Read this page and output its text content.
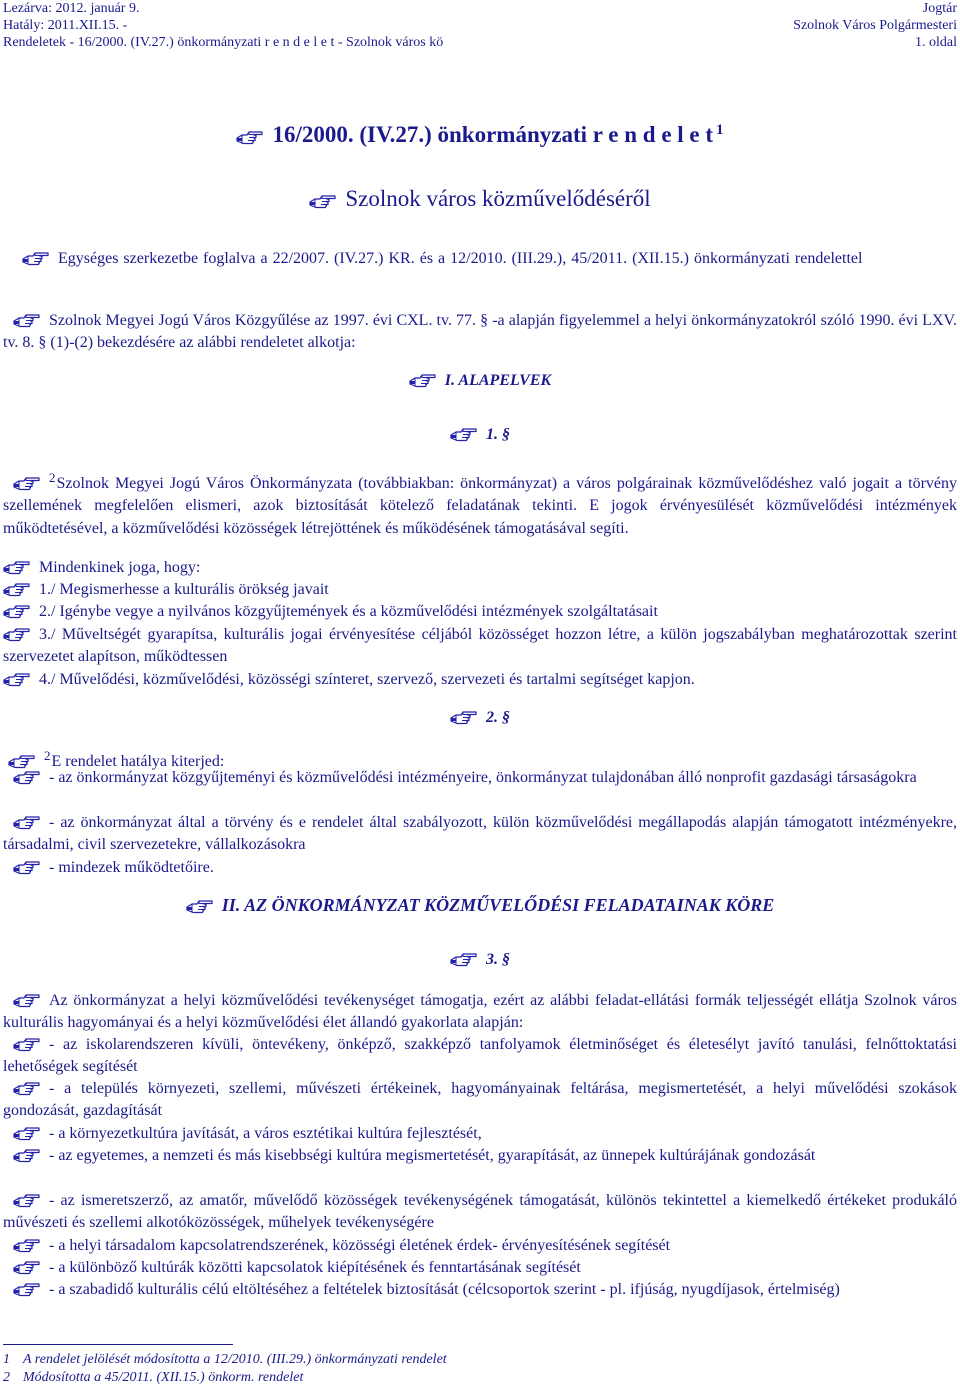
Lezárva: 2012. január 9.
Hatály: 2011.XII.15. -
Rendeletek - 16/2000. (IV.27.) önkormányzati r e n d e l e t - Szolnok város kö
Jogtár
Szolnok Város Polgármesteri
1. oldal
16/2000. (IV.27.) önkormányzati r e n d e l e t $^1$
Szolnok város közművelődéséről
Egységes szerkezetbe foglalva a 22/2007. (IV.27.) KR. és a 12/2010. (III.29.), 45/2011. (XII.15.) önkormányzati rendelettel
Szolnok Megyei Jogú Város Közgyűlése az 1997. évi CXL. tv. 77. § -a alapján figyelemmel a helyi önkormányzatokról szóló 1990. évi LXV. tv. 8. § (1)-(2) bekezdésére az alábbi rendeletet alkotja:
I. ALAPELVEK
1. §
$^2$Szolnok Megyei Jogú Város Önkormányzata (továbbiakban: önkormányzat) a város polgárainak közművelődéshez való jogait a törvény szellemének megfelelően elismeri, azok biztosítását kötelező feladatának tekinti. E jogok érvényesülését közművelődési intézmények működtetésével, a közművelődési közösségek létrejöttének és működésének támogatásával segíti.
Mindenkinek joga, hogy:
1./ Megismerhesse a kulturális örökség javait
2./ Igénybe vegye a nyilvános közgyűjtemények és a közművelődési intézmények szolgáltatásait
3./ Műveltségét gyarapítsa, kulturális jogai érvényesítése céljából közösséget hozzon létre, a külön jogszabályban meghatározottak szerint szervezetet alapítson, működtessen
4./ Művelődési, közművelődési, közösségi színteret, szervező, szervezeti és tartalmi segítséget kapjon.
2. §
$^2$E rendelet hatálya kiterjed:
- az önkormányzat közgyűjteményi és közművelődési intézményeire, önkormányzat tulajdonában álló nonprofit gazdasági társaságokra
- az önkormányzat által a törvény és e rendelet által szabályozott, külön közművelődési megállapodás alapján támogatott intézményekre, társadalmi, civil szervezetekre, vállalkozásokra
- mindezek működtetőire.
II. AZ ÖNKORMÁNYZAT KÖZMŰVELŐDÉSI FELADATAINAK KÖRE
3. §
Az önkormányzat a helyi közművelődési tevékenységet támogatja, ezért az alábbi feladat-ellátási formák teljességét ellátja Szolnok város kulturális hagyományai és a helyi közművelődési élet állandó gyakorlata alapján:
- az iskolarendszeren kívüli, öntevékeny, önképző, szakképző tanfolyamok életminőséget és életesélyt javító tanulási, felnőttoktatási lehetőségek segítését
- a település környezeti, szellemi, művészeti értékeinek, hagyományainak feltárása, megismertetését, a helyi művelődési szokások gondozását, gazdagítását
- a környezetkultúra javítását, a város esztétikai kultúra fejlesztését,
- az egyetemes, a nemzeti és más kisebbségi kultúra megismertetését, gyarapítását, az ünnepek kultúrájának gondozását
- az ismeretszerző, az amatőr, művelődő közösségek tevékenységének támogatását, különös tekintettel a kiemelkedő értékeket produkáló művészeti és szellemi alkotóközösségek, műhelyek tevékenységére
- a helyi társadalom kapcsolatrendszerének, közösségi életének érdek- érvényesítésének segítését
- a különböző kultúrák közötti kapcsolatok kiépítésének és fenntartásának segítését
- a szabadidő kulturális célú eltöltéséhez a feltételek biztosítását (célcsoportok szerint - pl. ifjúság, nyugdíjasok, értelmiség)
1 A rendelet jelölését módosította a 12/2010. (III.29.) önkormányzati rendelet
2 Módosította a 45/2011. (XII.15.) önkorm. rendelet
